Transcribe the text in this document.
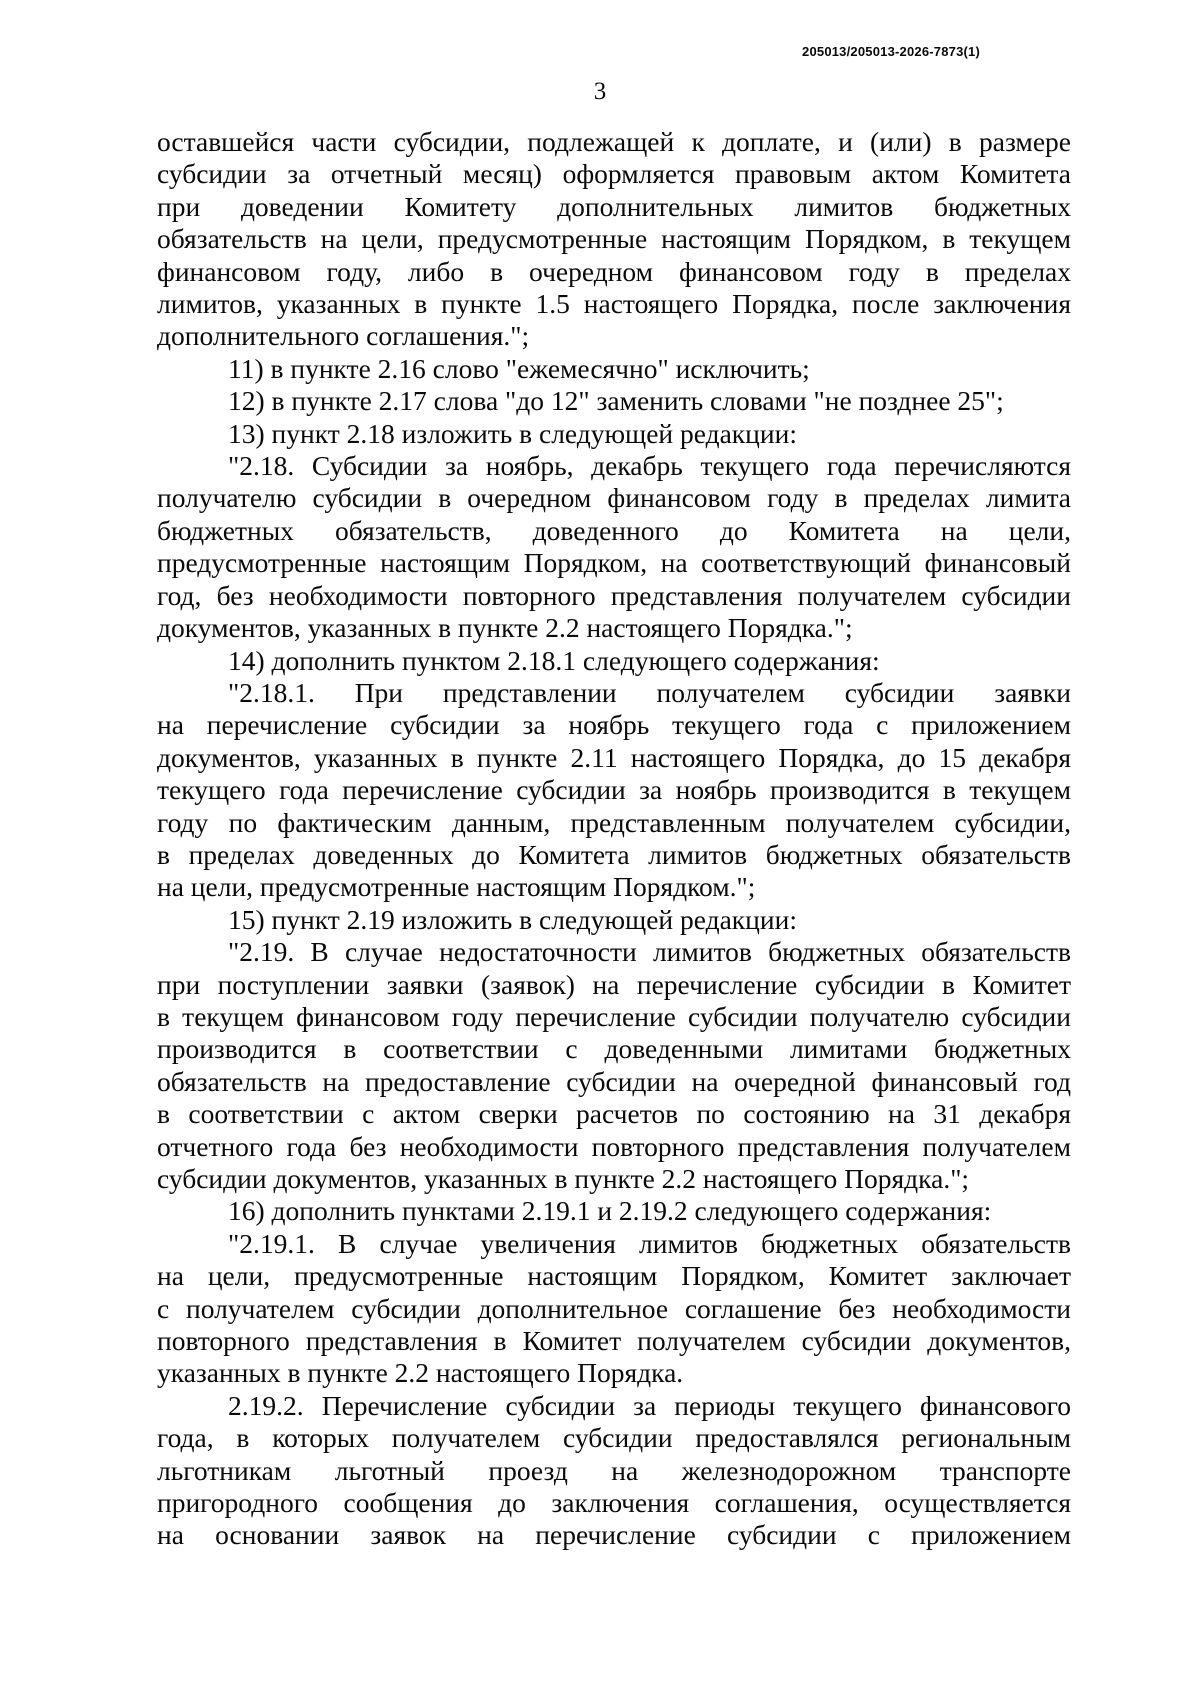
205013/205013-2026-7873(1)
3

оставшейся части субсидии, подлежащей к доплате, и (или) в размере

субсидии за отчетный месяц) оформляется правовым актом Комитета

при доведении Комитету дополнительных лимитов бюджетных

обязательств на цели, предусмотренные настоящим Порядком, в текущем

финансовом году, либо в очередном финансовом году в пределах

лимитов, указанных в пункте 1.5 настоящего Порядка, после заключения

дополнительного соглашения.";

11) в пункте 2.16 слово "ежемесячно" исключить;

12) в пункте 2.17 слова "до 12" заменить словами "не позднее 25";

13) пункт 2.18 изложить в следующей редакции:

"2.18. Субсидии за ноябрь, декабрь текущего года перечисляются

получателю субсидии в очередном финансовом году в пределах лимита

бюджетных обязательств, доведенного до Комитета на цели,

предусмотренные настоящим Порядком, на соответствующий финансовый

год, без необходимости повторного представления получателем субсидии

документов, указанных в пункте 2.2 настоящего Порядка.";

14) дополнить пунктом 2.18.1 следующего содержания:

"2.18.1. При представлении получателем субсидии заявки

на перечисление субсидии за ноябрь текущего года с приложением

документов, указанных в пункте 2.11 настоящего Порядка, до 15 декабря

текущего года перечисление субсидии за ноябрь производится в текущем

году по фактическим данным, представленным получателем субсидии,

в пределах доведенных до Комитета лимитов бюджетных обязательств

на цели, предусмотренные настоящим Порядком.";

15) пункт 2.19 изложить в следующей редакции:

"2.19. В случае недостаточности лимитов бюджетных обязательств

при поступлении заявки (заявок) на перечисление субсидии в Комитет

в текущем финансовом году перечисление субсидии получателю субсидии

производится в соответствии с доведенными лимитами бюджетных

обязательств на предоставление субсидии на очередной финансовый год

в соответствии с актом сверки расчетов по состоянию на 31 декабря

отчетного года без необходимости повторного представления получателем

субсидии документов, указанных в пункте 2.2 настоящего Порядка.";

16) дополнить пунктами 2.19.1 и 2.19.2 следующего содержания:

"2.19.1. В случае увеличения лимитов бюджетных обязательств

на цели, предусмотренные настоящим Порядком, Комитет заключает

с получателем субсидии дополнительное соглашение без необходимости

повторного представления в Комитет получателем субсидии документов,

указанных в пункте 2.2 настоящего Порядка.

2.19.2. Перечисление субсидии за периоды текущего финансового

года, в которых получателем субсидии предоставлялся региональным

льготникам льготный проезд на железнодорожном транспорте

пригородного сообщения до заключения соглашения, осуществляется

на основании заявок на перечисление субсидии с приложением
